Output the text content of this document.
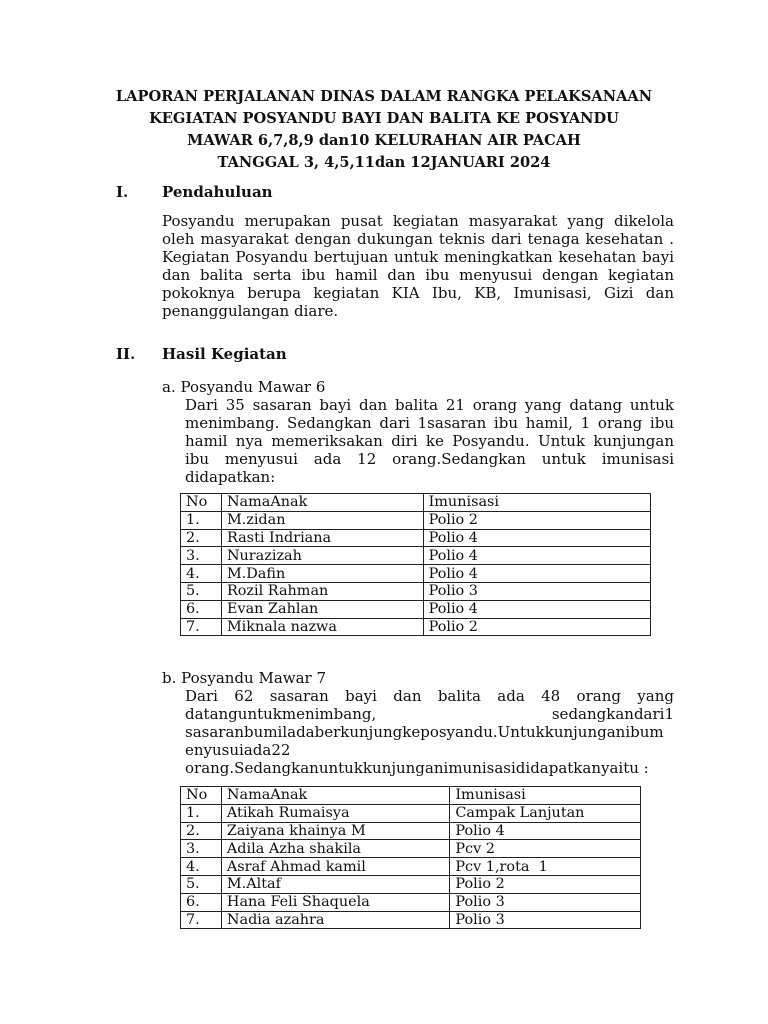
LAPORAN PERJALANAN DINAS DALAM RANGKA PELAKSANAAN
KEGIATAN POSYANDU BAYI DAN BALITA KE POSYANDU
MAWAR 6,7,8,9 dan10 KELURAHAN AIR PACAH
TANGGAL 3, 4,5,11dan 12JANUARI 2024
I. Pendahuluan
Posyandu merupakan pusat kegiatan masyarakat yang dikelola
oleh masyarakat dengan dukungan teknis dari tenaga kesehatan .
Kegiatan Posyandu bertujuan untuk meningkatkan kesehatan bayi
dan balita serta ibu hamil dan ibu menyusui dengan kegiatan
pokoknya berupa kegiatan KIA Ibu, KB, Imunisasi, Gizi dan
penanggulangan diare.
II. Hasil Kegiatan
a. Posyandu Mawar 6
Dari 35 sasaran bayi dan balita 21 orang yang datang untuk
menimbang. Sedangkan dari 1sasaran ibu hamil, 1 orang ibu
hamil nya memeriksakan diri ke Posyandu. Untuk kunjungan
ibu menyusui ada 12 orang.Sedangkan untuk imunisasi
didapatkan:
No	NamaAnak	Imunisasi
1.	M.zidan	Polio 2
2.	Rasti Indriana	Polio 4
3.	Nurazizah	Polio 4
4.	M.Dafin	Polio 4
5.	Rozil Rahman	Polio 3
6.	Evan Zahlan	Polio 4
7.	Miknala nazwa	Polio 2
b. Posyandu Mawar 7
Dari 62 sasaran bayi dan balita ada 48 orang yang
datanguntukmenimbang, sedangkandari1
sasaranbumiladaberkunjungkeposyandu.Untukkunjunganibum
enyusuiada22
orang.Sedangkanuntukkunjunganimunisasididapatkanyaitu :
No	NamaAnak	Imunisasi
1.	Atikah Rumaisya	Campak Lanjutan
2.	Zaiyana khainya M	Polio 4
3.	Adila Azha shakila	Pcv 2
4.	Asraf Ahmad kamil	Pcv 1,rota  1
5.	M.Altaf	Polio 2
6.	Hana Feli Shaquela	Polio 3
7.	Nadia azahra	Polio 3
